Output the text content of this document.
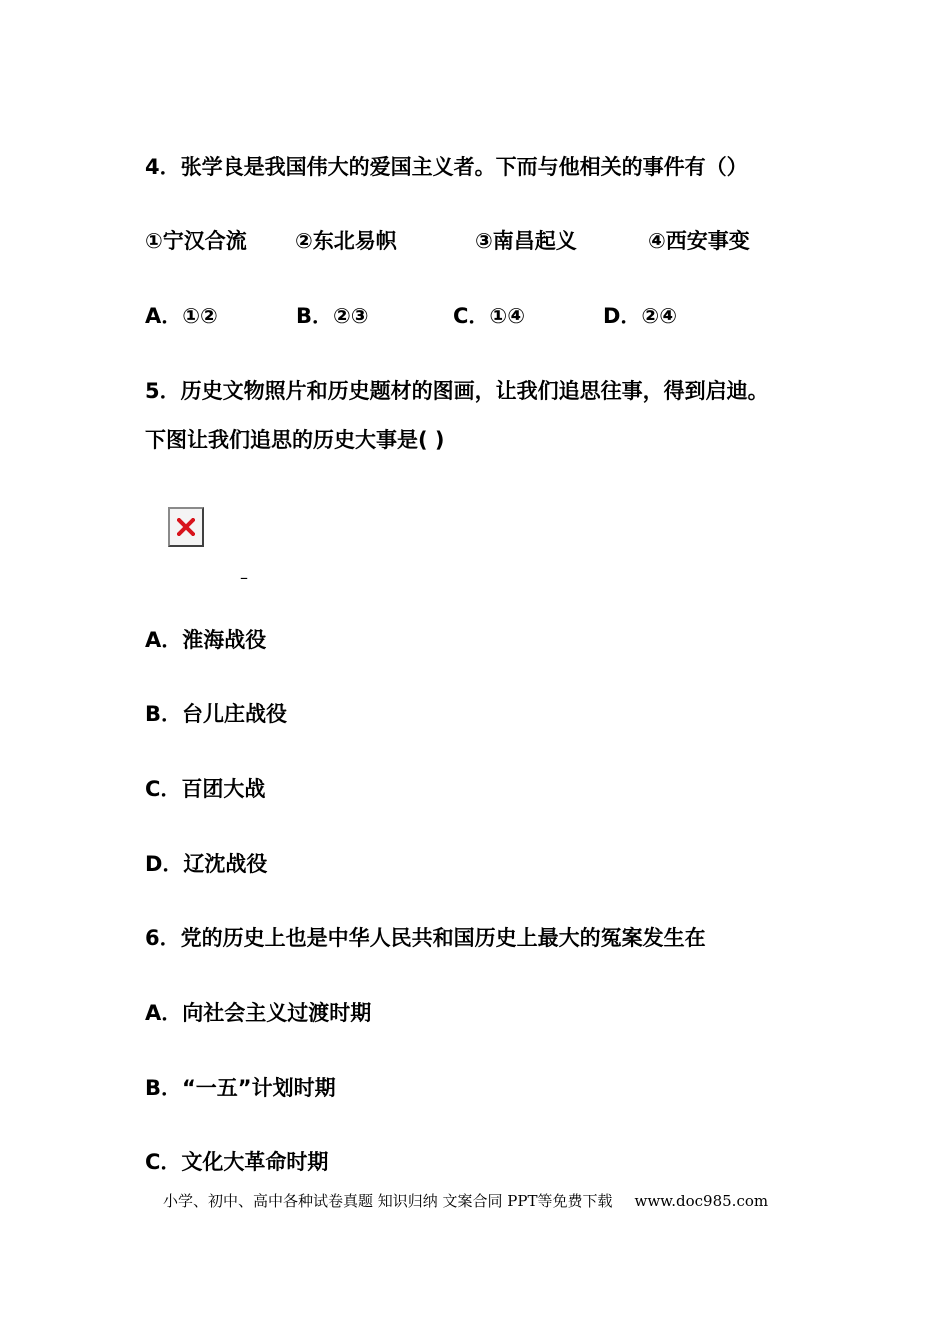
4．张学良是我国伟大的爱国主义者。下而与他相关的事件有（）
①宁汉合流 ②东北易帜	③南昌起义	④西安事变
A．①②	B．②③	C．①④	D．②④
5．历史文物照片和历史题材的图画，让我们追思往事，得到启迪。
下图让我们追思的历史大事是( )
–
A．淮海战役
B．台儿庄战役
C．百团大战
D．辽沈战役
6．党的历史上也是中华人民共和国历史上最大的冤案发生在
A．向社会主义过渡时期
B．“一五”计划时期
C．文化大革命时期
小学、初中、高中各种试卷真题 知识归纳 文案合同 PPT等免费下载 www.doc985.com
